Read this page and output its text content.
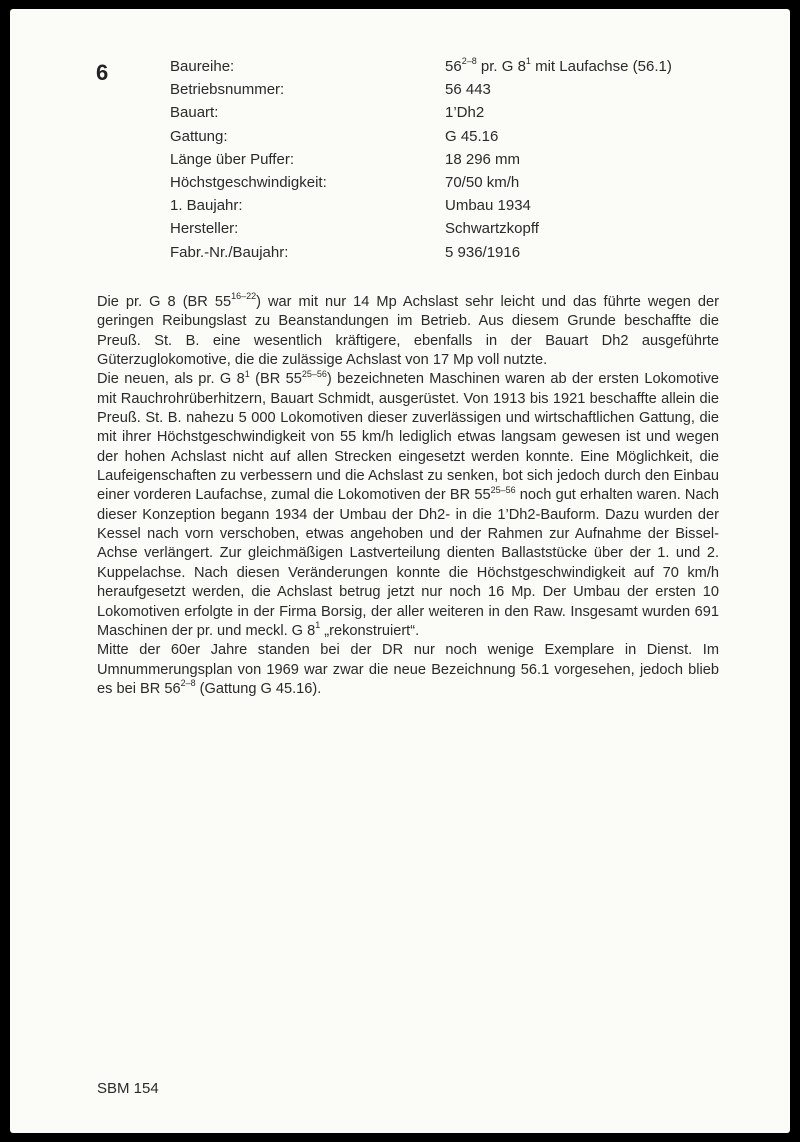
6	Baureihe:	56$^{2-8}$ pr. G $8^1$ mit Laufachse (56.1)
Betriebsnummer:	56 443
Bauart:	1’Dh2
Gattung:	G 45.16
Länge über Puffer:	18 296 mm
Höchstgeschwindigkeit:	70/50 km/h
1. Baujahr:	Umbau 1934
Hersteller:	Schwartzkopff
Fabr.-Nr./Baujahr:	5 936/1916

Die pr. G 8 (BR 55$^{16-22}$) war mit nur 14 Mp Achslast sehr leicht und das führte wegen der geringen Reibungslast zu Beanstandungen im Betrieb. Aus diesem Grunde beschaffte die Preuß. St. B. eine wesentlich kräftigere, ebenfalls in der Bauart Dh2 ausgeführte Güterzuglokomotive, die die zulässige Achslast von 17 Mp voll nutzte.

Die neuen, als pr. G $8^1$ (BR 55$^{25-56}$) bezeichneten Maschinen waren ab der ersten Lokomotive mit Rauchrohrüberhitzern, Bauart Schmidt, ausgerüstet. Von 1913 bis 1921 beschaffte allein die Preuß. St. B. nahezu 5 000 Lokomotiven dieser zuverlässigen und wirtschaftlichen Gattung, die mit ihrer Höchstgeschwindigkeit von 55 km/h lediglich etwas langsam gewesen ist und wegen der hohen Achslast nicht auf allen Strecken eingesetzt werden konnte. Eine Möglichkeit, die Laufeigenschaften zu verbessern und die Achslast zu senken, bot sich jedoch durch den Einbau einer vorderen Laufachse, zumal die Lokomotiven der BR 55$^{25-56}$ noch gut erhalten waren. Nach dieser Konzeption begann 1934 der Umbau der Dh2- in die 1’Dh2-Bauform. Dazu wurden der Kessel nach vorn verschoben, etwas angehoben und der Rahmen zur Aufnahme der Bissel-Achse verlängert. Zur gleichmäßigen Lastverteilung dienten Ballaststücke über der 1. und 2. Kuppelachse. Nach diesen Veränderungen konnte die Höchstgeschwindigkeit auf 70 km/h heraufgesetzt werden, die Achslast betrug jetzt nur noch 16 Mp. Der Umbau der ersten 10 Lokomotiven erfolgte in der Firma Borsig, der aller weiteren in den Raw. Insgesamt wurden 691 Maschinen der pr. und meckl. G $8^1$ „rekonstruiert“.

Mitte der 60er Jahre standen bei der DR nur noch wenige Exemplare in Dienst. Im Umnummerungsplan von 1969 war zwar die neue Bezeichnung 56.1 vorgesehen, jedoch blieb es bei BR 56$^{2-8}$ (Gattung G 45.16).

SBM 154
